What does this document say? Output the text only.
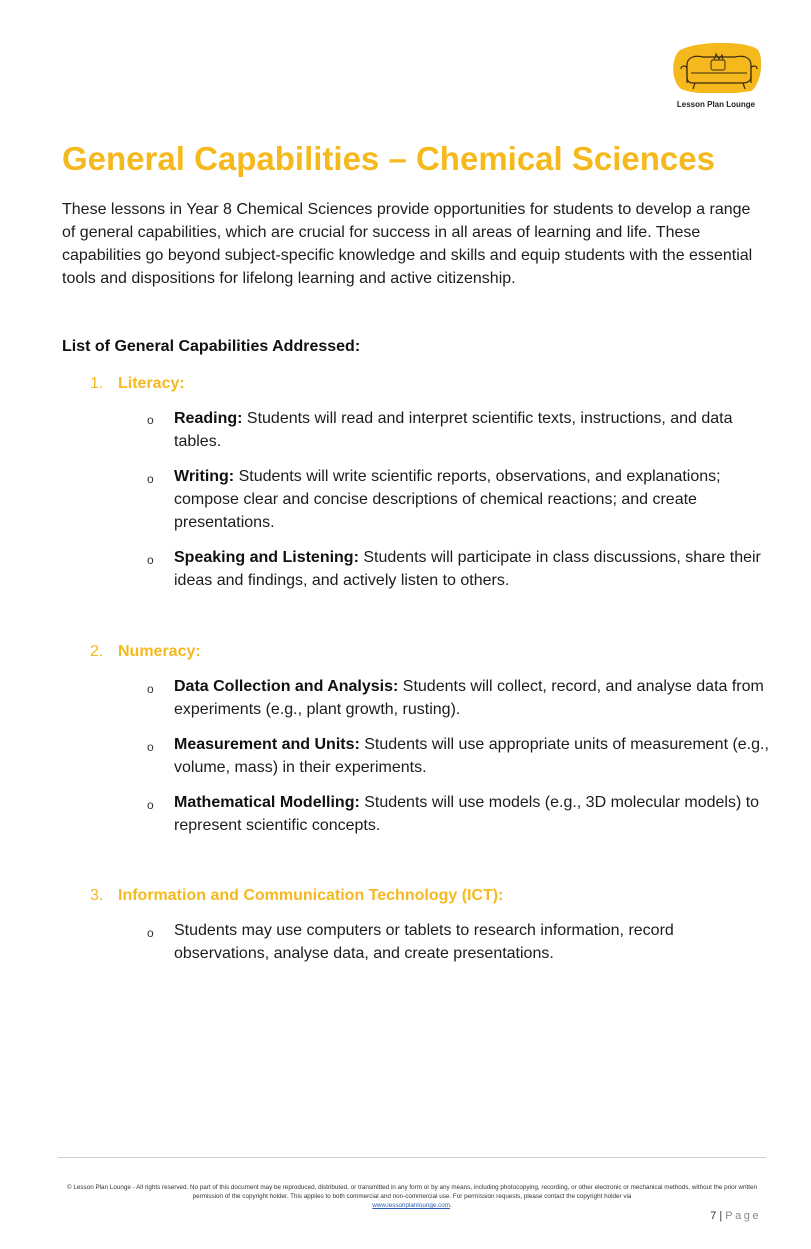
Lesson Plan Lounge
General Capabilities – Chemical Sciences

These lessons in Year 8 Chemical Sciences provide opportunities for students to develop a range of general capabilities, which are crucial for success in all areas of learning and life. These capabilities go beyond subject-specific knowledge and skills and equip students with the essential tools and dispositions for lifelong learning and active citizenship.

List of General Capabilities Addressed:

1. Literacy:
o Reading: Students will read and interpret scientific texts, instructions, and data tables.

o Writing: Students will write scientific reports, observations, and explanations; compose clear and concise descriptions of chemical reactions; and create presentations.

o Speaking and Listening: Students will participate in class discussions, share their ideas and findings, and actively listen to others.

2. Numeracy:
o Data Collection and Analysis: Students will collect, record, and analyse data from experiments (e.g., plant growth, rusting).

o Measurement and Units: Students will use appropriate units of measurement (e.g., volume, mass) in their experiments.

o Mathematical Modelling: Students will use models (e.g., 3D molecular models) to represent scientific concepts.

3. Information and Communication Technology (ICT):
o Students may use computers or tablets to research information, record observations, analyse data, and create presentations.

© Lesson Plan Lounge - All rights reserved. No part of this document may be reproduced, distributed, or transmitted in any form or by any means, including photocopying, recording, or other electronic or mechanical methods, without the prior written permission of the copyright holder. This applies to both commercial and non-commercial use. For permission requests, please contact the copyright holder via
www.lessonplanlounge.com.

7 | Page
